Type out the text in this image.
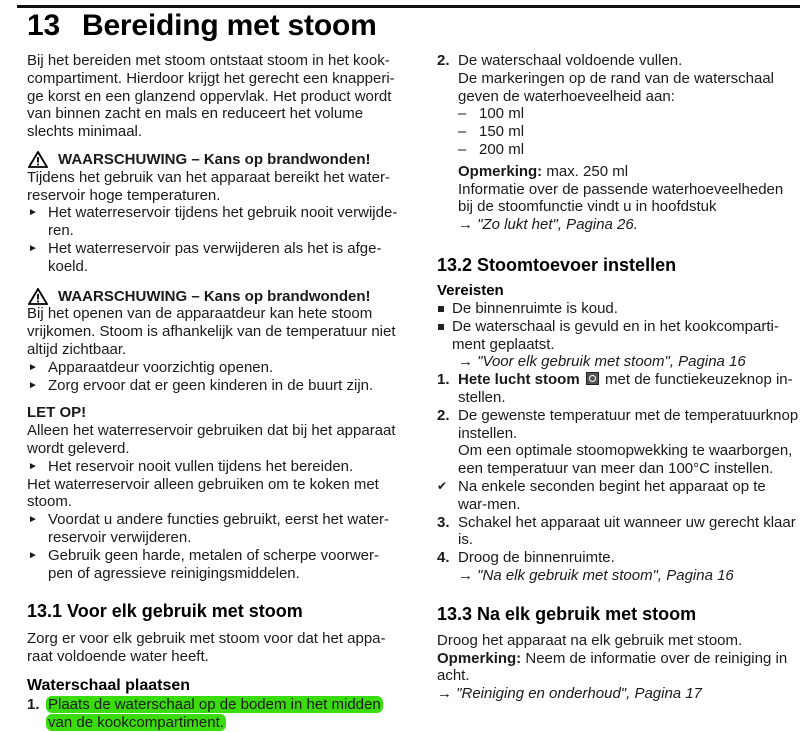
13 Bereiding met stoom

Bij het bereiden met stoom ontstaat stoom in het kook-compartiment. Hierdoor krijgt het gerecht een knapperi-ge korst en een glanzend oppervlak. Het product wordt van binnen zacht en mals en reduceert het volume slechts minimaal.

WAARSCHUWING – Kans op brandwonden!

Tijdens het gebruik van het apparaat bereikt het water-reservoir hoge temperaturen.

► Het waterreservoir tijdens het gebruik nooit verwijde-ren.
► Het waterreservoir pas verwijderen als het is afge-koeld.
WAARSCHUWING – Kans op brandwonden!

Bij het openen van de apparaatdeur kan hete stoom vrijkomen. Stoom is afhankelijk van de temperatuur niet altijd zichtbaar.

► Apparaatdeur voorzichtig openen.
► Zorg ervoor dat er geen kinderen in de buurt zijn.

LET OP!

Alleen het waterreservoir gebruiken dat bij het apparaat wordt geleverd.

► Het reservoir nooit vullen tijdens het bereiden.

Het waterreservoir alleen gebruiken om te koken met stoom.

► Voordat u andere functies gebruikt, eerst het water-reservoir verwijderen.
► Gebruik geen harde, metalen of scherpe voorwer-pen of agressieve reinigingsmiddelen.
13.1 Voor elk gebruik met stoom

Zorg er voor elk gebruik met stoom voor dat het appa-raat voldoende water heeft.

Waterschaal plaatsen
1. Plaats de waterschaal op de bodem in het midden van de kookcompartiment.
2. De waterschaal voldoende vullen.

De markeringen op de rand van de waterschaal geven de waterhoeveelheid aan:

– 100 ml
– 150 ml
– 200 ml

Opmerking: max. 250 ml

Informatie over de passende waterhoeveelheden bij de stoomfunctie vindt u in hoofdstuk

→ "Zo lukt het", Pagina 26.

13.2 Stoomtoevoer instellen
Vereisten
De binnenruimte is koud.
De waterschaal is gevuld en in het kookcomparti-ment geplaatst.

→ "Voor elk gebruik met stoom", Pagina 16

1. Hete lucht stoom  met de functiekeuzeknop in-stellen.
2. De gewenste temperatuur met de temperatuurknop instellen.

Om een optimale stoomopwekking te waarborgen, een temperatuur van meer dan 100°C instellen.

✔ Na enkele seconden begint het apparaat op te war-men.
3. Schakel het apparaat uit wanneer uw gerecht klaar is.
4. Droog de binnenruimte.

→ "Na elk gebruik met stoom", Pagina 16

13.3 Na elk gebruik met stoom

Droog het apparaat na elk gebruik met stoom.

Opmerking: Neem de informatie over de reiniging in acht.

→ "Reiniging en onderhoud", Pagina 17
